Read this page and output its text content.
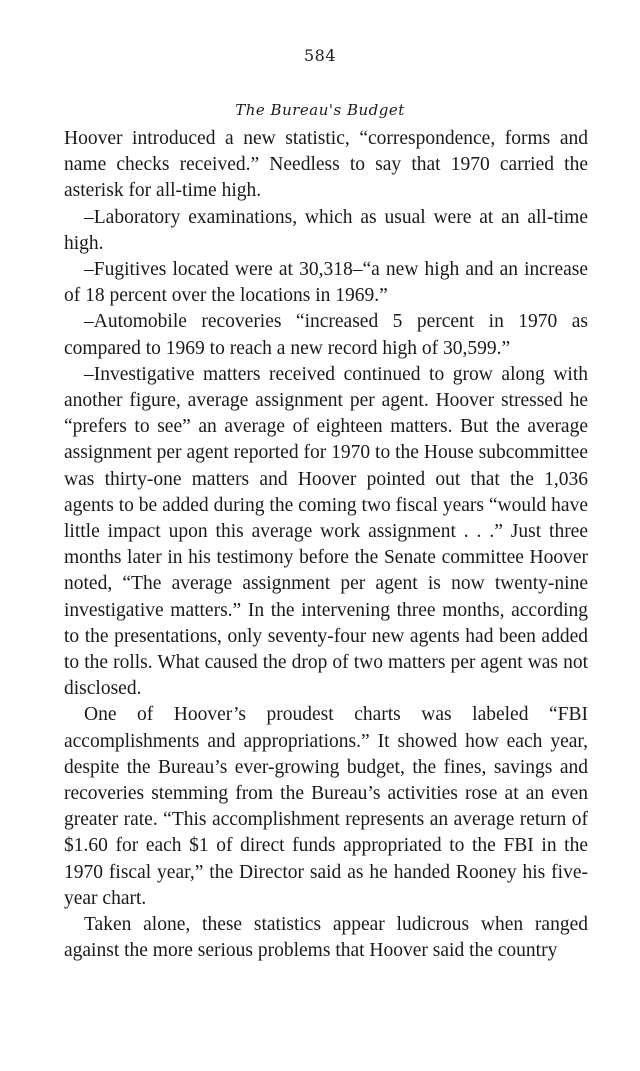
584
The Bureau's Budget

Hoover introduced a new statistic, “correspondence, forms and name checks received.” Needless to say that 1970 carried the asterisk for all-time high.

–Laboratory examinations, which as usual were at an all-time high.

–Fugitives located were at 30,318–“a new high and an increase of 18 percent over the locations in 1969.”

–Automobile recoveries “increased 5 percent in 1970 as compared to 1969 to reach a new record high of 30,599.”

–Investigative matters received continued to grow along with another figure, average assignment per agent. Hoover stressed he “prefers to see” an average of eighteen matters. But the average assignment per agent reported for 1970 to the House subcommittee was thirty-one matters and Hoover pointed out that the 1,036 agents to be added during the coming two fiscal years “would have little impact upon this average work assignment . . .” Just three months later in his testimony before the Senate committee Hoover noted, “The average assignment per agent is now twenty-nine investigative matters.” In the intervening three months, according to the presentations, only seventy-four new agents had been added to the rolls. What caused the drop of two matters per agent was not disclosed.

One of Hoover’s proudest charts was labeled “FBI accomplishments and appropriations.” It showed how each year, despite the Bureau’s ever-growing budget, the fines, savings and recoveries stemming from the Bureau’s activities rose at an even greater rate. “This accomplishment represents an average return of $1.60 for each $1 of direct funds appropriated to the FBI in the 1970 fiscal year,” the Director said as he handed Rooney his five-year chart.

Taken alone, these statistics appear ludicrous when ranged against the more serious problems that Hoover said the country
